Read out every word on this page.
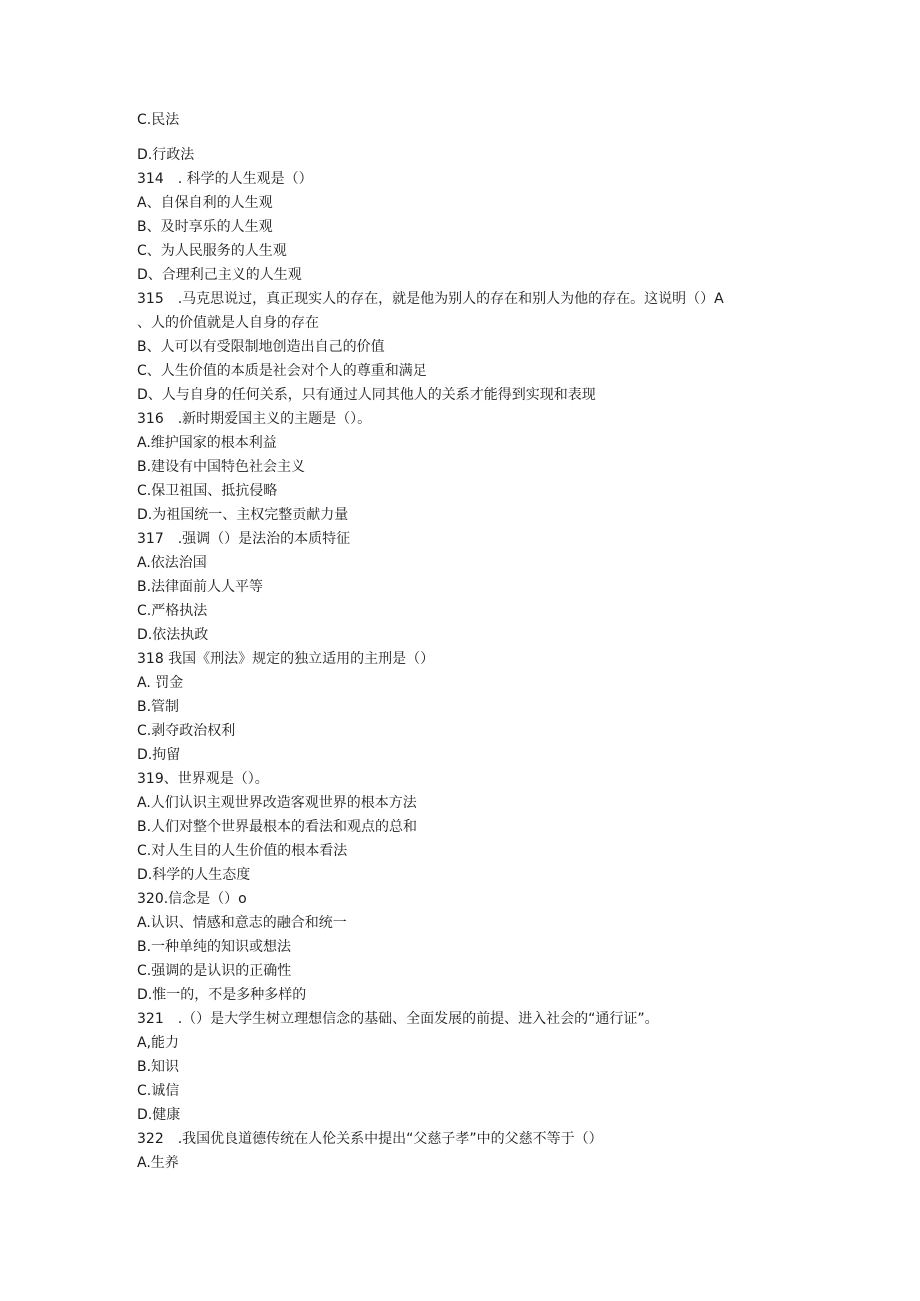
C.民法
D.行政法
314　. 科学的人生观是（）
A、自保自利的人生观
B、及时享乐的人生观
C、为人民服务的人生观
D、合理利己主义的人生观
315　.马克思说过，真正现实人的存在，就是他为别人的存在和别人为他的存在。这说明（）A
、人的价值就是人自身的存在
B、人可以有受限制地创造出自己的价值
C、人生价值的本质是社会对个人的尊重和满足
D、人与自身的任何关系，只有通过人同其他人的关系才能得到实现和表现
316　.新时期爱国主义的主题是（）。
A.维护国家的根本利益
B.建设有中国特色社会主义
C.保卫祖国、抵抗侵略
D.为祖国统一、主权完整贡献力量
317　.强调（）是法治的本质特征
A.依法治国
B.法律面前人人平等
C.严格执法
D.依法执政
318 我国《刑法》规定的独立适用的主刑是（）
A. 罚金
B.管制
C.剥夺政治权利
D.拘留
319、世界观是（）。
A.人们认识主观世界改造客观世界的根本方法
B.人们对整个世界最根本的看法和观点的总和
C.对人生目的人生价值的根本看法
D.科学的人生态度
320.信念是（）o
A.认识、情感和意志的融合和统一
B.一种单纯的知识或想法
C.强调的是认识的正确性
D.惟一的，不是多种多样的
321　.（）是大学生树立理想信念的基础、全面发展的前提、进入社会的“通行证”。
A,能力
B.知识
C.诚信
D.健康
322　.我国优良道德传统在人伦关系中提出“父慈子孝”中的父慈不等于（）
A.生养
